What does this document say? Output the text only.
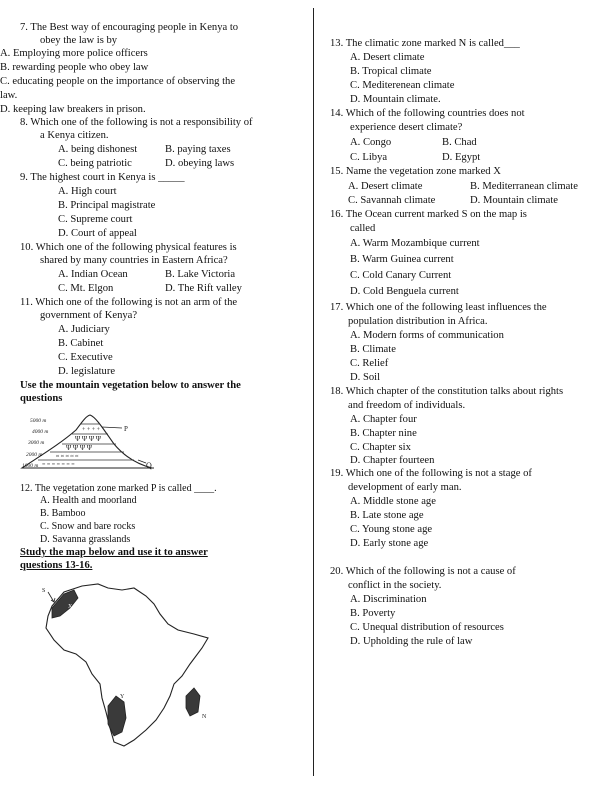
7. The Best way of encouraging people in Kenya to
obey the law is by
A. Employing more police officers
B. rewarding people who obey law
C. educating people on the importance of observing the
law.
D. keeping law breakers in prison.
8. Which one of the following is not a responsibility of
a Kenya citizen.
A. being dishonest	B. paying taxes
C. being patriotic	D. obeying laws
9. The highest court in Kenya is _____
A. High court
B. Principal magistrate
C. Supreme court
D. Court of appeal
10. Which one of the following physical features is
shared by many countries in Eastern Africa?
A. Indian Ocean	B. Lake Victoria
C. Mt. Elgon	D. The Rift valley
11. Which one of the following is not an arm of the
government of Kenya?
A. Judiciary
B. Cabinet
C. Executive
D. legislature
Use the mountain vegetation below to answer the
questions
+ + + +
Ψ Ψ Ψ Ψ
Ψ Ψ Ψ Ψ
≈ ≈ ≈ ≈ ≈
= = = = = = =
5000 m
4000 m
3000 m
2000 m
1000 m
P
Q
12. The vegetation zone marked P is called ____.
A. Health and moorland
B. Bamboo
C. Snow and bare rocks
D. Savanna grasslands
Study the map below and use it to answer
questions 13-16.
S
X
Y
N
13. The climatic zone marked N is called___
A. Desert climate
B. Tropical climate
C. Mediterenean climate
D. Mountain climate.
14. Which of the following countries does not
experience desert climate?
A. Congo	B. Chad
C. Libya	D. Egypt
15. Name the vegetation zone marked X
A. Desert climate	B. Mediterranean climate
C. Savannah climate	D. Mountain climate
16. The Ocean current marked S on the map is
called
A. Warm Mozambique current
B. Warm Guinea current
C. Cold Canary Current
D. Cold Benguela current
17. Which one of the following least influences the
population distribution in Africa.
A. Modern forms of communication
B. Climate
C. Relief
D. Soil
18. Which chapter of the constitution talks about rights
and freedom of individuals.
A. Chapter four
B. Chapter nine
C. Chapter six
D. Chapter fourteen
19. Which one of the following is not a stage of
development of early man.
A. Middle stone age
B. Late stone age
C. Young stone age
D. Early stone age
20. Which of the following is not a cause of
conflict in the society.
A. Discrimination
B. Poverty
C. Unequal distribution of resources
D. Upholding the rule of law
